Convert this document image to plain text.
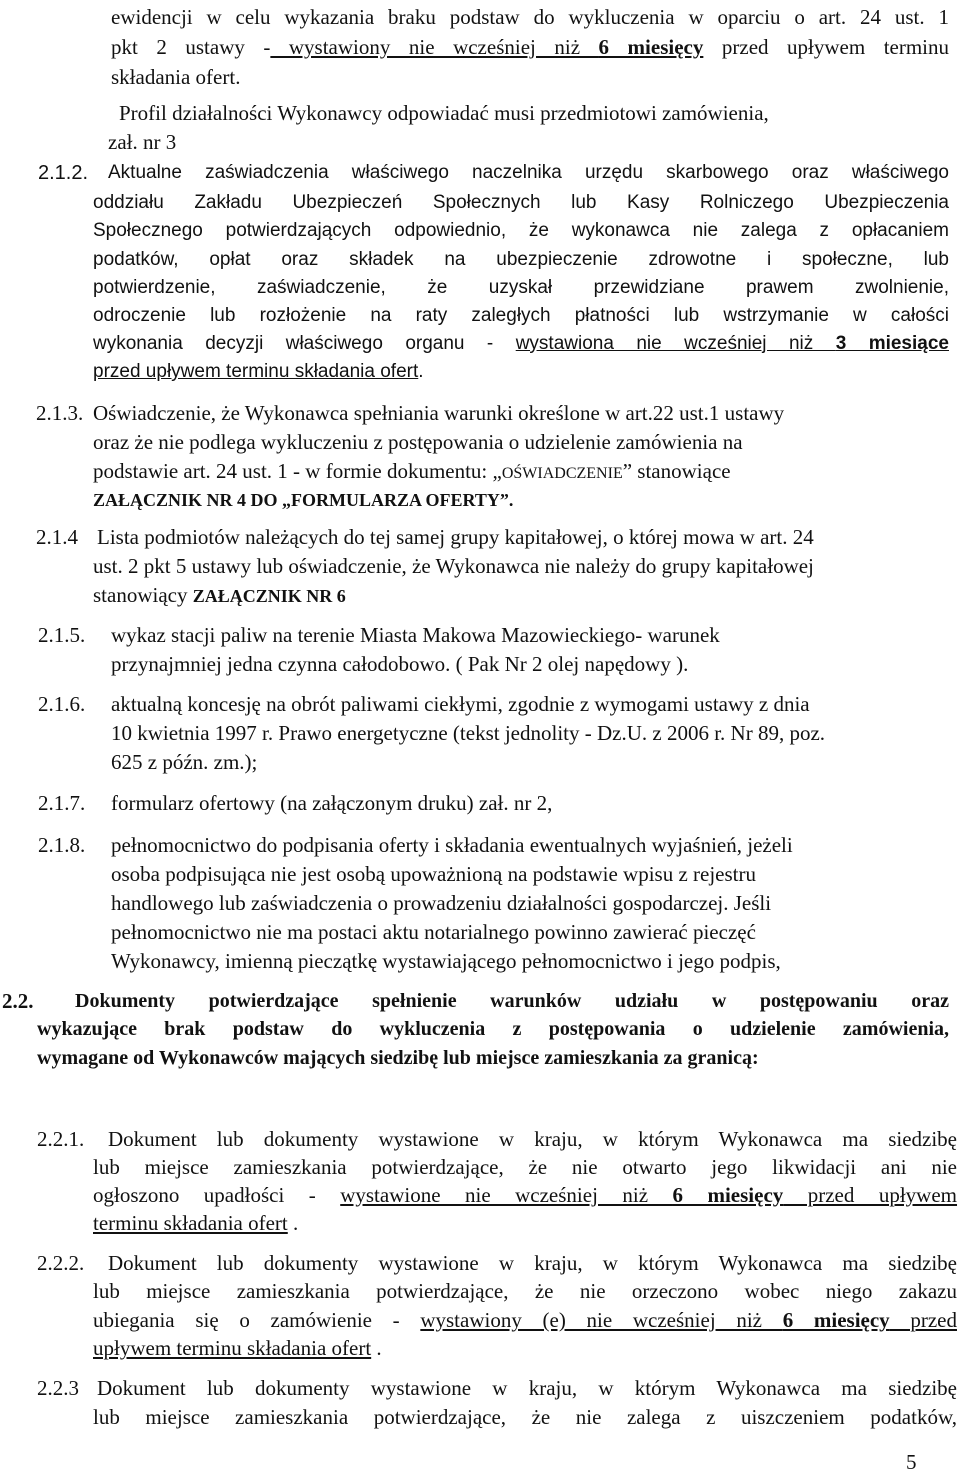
ewidencji w celu wykazania braku podstaw do wykluczenia w oparciu o art. 24 ust. 1
pkt 2 ustawy - wystawiony nie wcześniej niż 6 miesięcy przed upływem terminu
składania ofert.
Profil działalności Wykonawcy odpowiadać musi przedmiotowi zamówienia,
zał. nr 3
2.1.2. Aktualne zaświadczenia właściwego naczelnika urzędu skarbowego oraz właściwego
oddziału Zakładu Ubezpieczeń Społecznych lub Kasy Rolniczego Ubezpieczenia
Społecznego potwierdzających odpowiednio, że wykonawca nie zalega z opłacaniem
podatków, opłat oraz składek na ubezpieczenie zdrowotne i społeczne, lub
potwierdzenie, zaświadczenie, że uzyskał przewidziane prawem zwolnienie,
odroczenie lub rozłożenie na raty zaległych płatności lub wstrzymanie w całości
wykonania decyzji właściwego organu - wystawiona nie wcześniej niż 3 miesiące
przed upływem terminu składania ofert.
2.1.3. Oświadczenie, że Wykonawca spełniania warunki określone w art.22 ust.1 ustawy
oraz że nie podlega wykluczeniu z postępowania o udzielenie zamówienia na
podstawie art. 24 ust. 1 - w formie dokumentu: „OŚWIADCZENIE” stanowiące
ZAŁĄCZNIK NR 4 DO „FORMULARZA OFERTY”.
2.1.4 Lista podmiotów należących do tej samej grupy kapitałowej, o której mowa w art. 24
ust. 2 pkt 5 ustawy lub oświadczenie, że Wykonawca nie należy do grupy kapitałowej
stanowiący ZAŁĄCZNIK NR 6
2.1.5. wykaz stacji paliw na terenie Miasta Makowa Mazowieckiego- warunek
przynajmniej jedna czynna całodobowo. ( Pak Nr 2 olej napędowy ).
2.1.6. aktualną koncesję na obrót paliwami ciekłymi, zgodnie z wymogami ustawy z dnia
10 kwietnia 1997 r. Prawo energetyczne (tekst jednolity - Dz.U. z 2006 r. Nr 89, poz.
625 z późn. zm.);
2.1.7. formularz ofertowy (na załączonym druku) zał. nr 2,
2.1.8. pełnomocnictwo do podpisania oferty i składania ewentualnych wyjaśnień, jeżeli
osoba podpisująca nie jest osobą upoważnioną na podstawie wpisu z rejestru
handlowego lub zaświadczenia o prowadzeniu działalności gospodarczej. Jeśli
pełnomocnictwo nie ma postaci aktu notarialnego powinno zawierać pieczęć
Wykonawcy, imienną pieczątkę wystawiającego pełnomocnictwo i jego podpis,
2.2.	Dokumenty potwierdzające spełnienie warunków udziału w postępowaniu oraz
wykazujące brak podstaw do wykluczenia z postępowania o udzielenie zamówienia,
wymagane od Wykonawców mających siedzibę lub miejsce zamieszkania za granicą:
2.2.1. Dokument lub dokumenty wystawione w kraju, w którym Wykonawca ma siedzibę
lub miejsce zamieszkania potwierdzające, że nie otwarto jego likwidacji ani nie
ogłoszono upadłości - wystawione nie wcześniej niż 6 miesięcy przed upływem
terminu składania ofert .
2.2.2. Dokument lub dokumenty wystawione w kraju, w którym Wykonawca ma siedzibę
lub miejsce zamieszkania potwierdzające, że nie orzeczono wobec niego zakazu
ubiegania się o zamówienie - wystawiony (e) nie wcześniej niż 6 miesięcy przed
upływem terminu składania ofert .
2.2.3 Dokument lub dokumenty wystawione w kraju, w którym Wykonawca ma siedzibę
lub miejsce zamieszkania potwierdzające, że nie zalega z uiszczeniem podatków,
5
